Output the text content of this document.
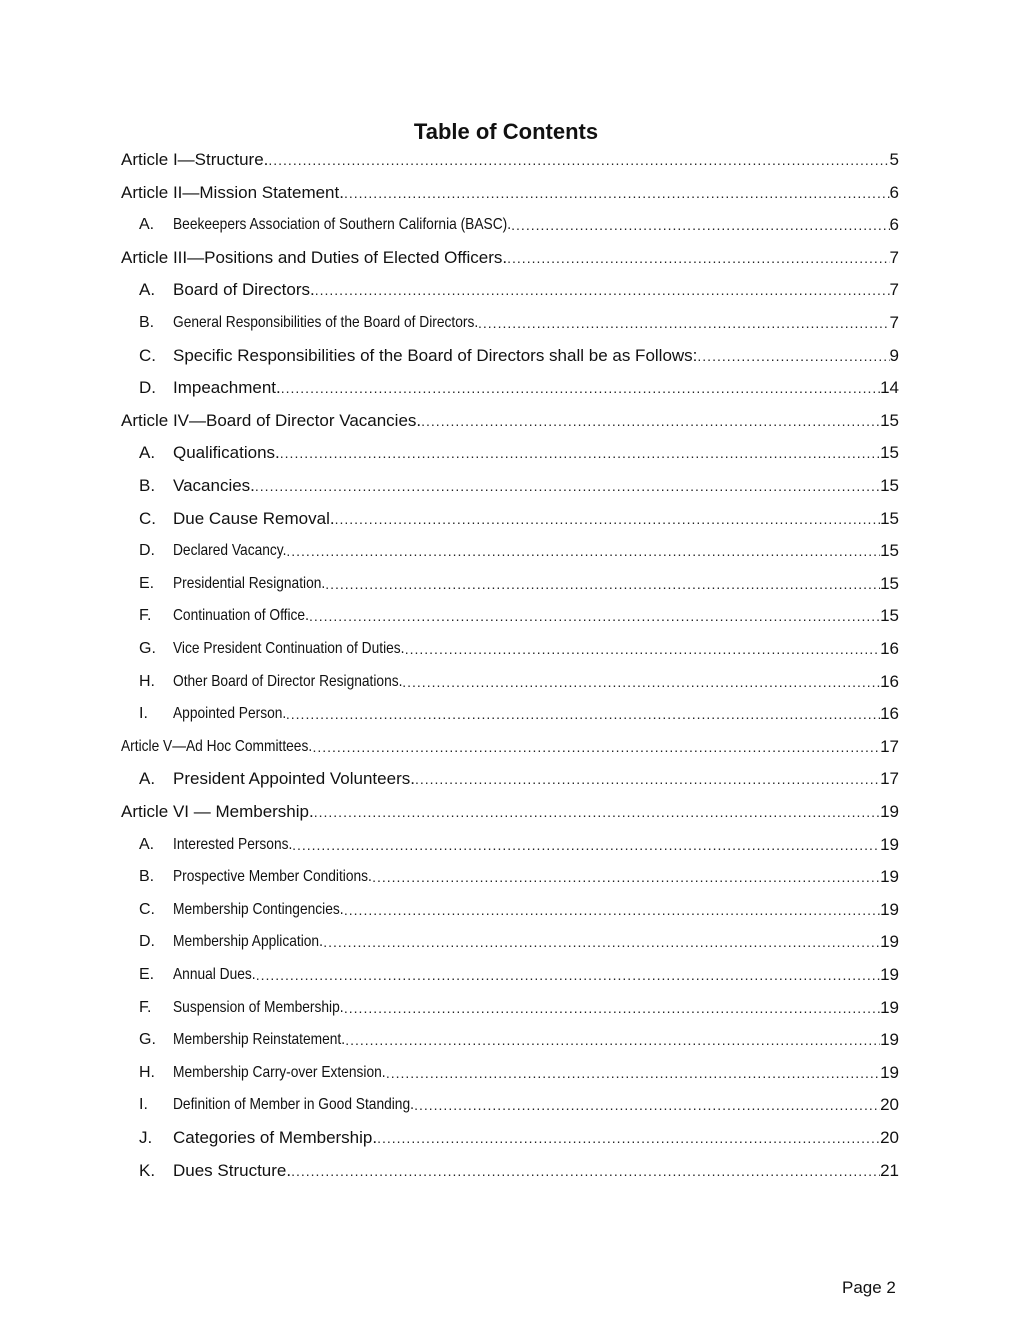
Table of Contents
Article I—Structure. .....	5
Article II—Mission Statement. .....	6
A. Beekeepers Association of Southern California (BASC). .....	6
Article III—Positions and Duties of Elected Officers. .....	7
A. Board of Directors. .....	7
B. General Responsibilities of the Board of Directors. .....	7
C. Specific Responsibilities of the Board of Directors shall be as Follows: .....	9
D. Impeachment. .....	14
Article IV—Board of Director Vacancies. .....	15
A. Qualifications. .....	15
B. Vacancies. .....	15
C. Due Cause Removal. .....	15
D. Declared Vacancy. .....	15
E. Presidential Resignation. .....	15
F. Continuation of Office. .....	15
G. Vice President Continuation of Duties. .....	16
H. Other Board of Director Resignations. .....	16
I. Appointed Person. .....	16
Article V—Ad Hoc Committees. .....	17
A. President Appointed Volunteers. .....	17
Article VI — Membership. .....	19
A. Interested Persons. .....	19
B. Prospective Member Conditions. .....	19
C. Membership Contingencies. .....	19
D. Membership Application. .....	19
E. Annual Dues. .....	19
F. Suspension of Membership. .....	19
G. Membership Reinstatement. .....	19
H. Membership Carry-over Extension. .....	19
I. Definition of Member in Good Standing. .....	20
J. Categories of Membership. .....	20
K. Dues Structure. .....	21
Page 2
